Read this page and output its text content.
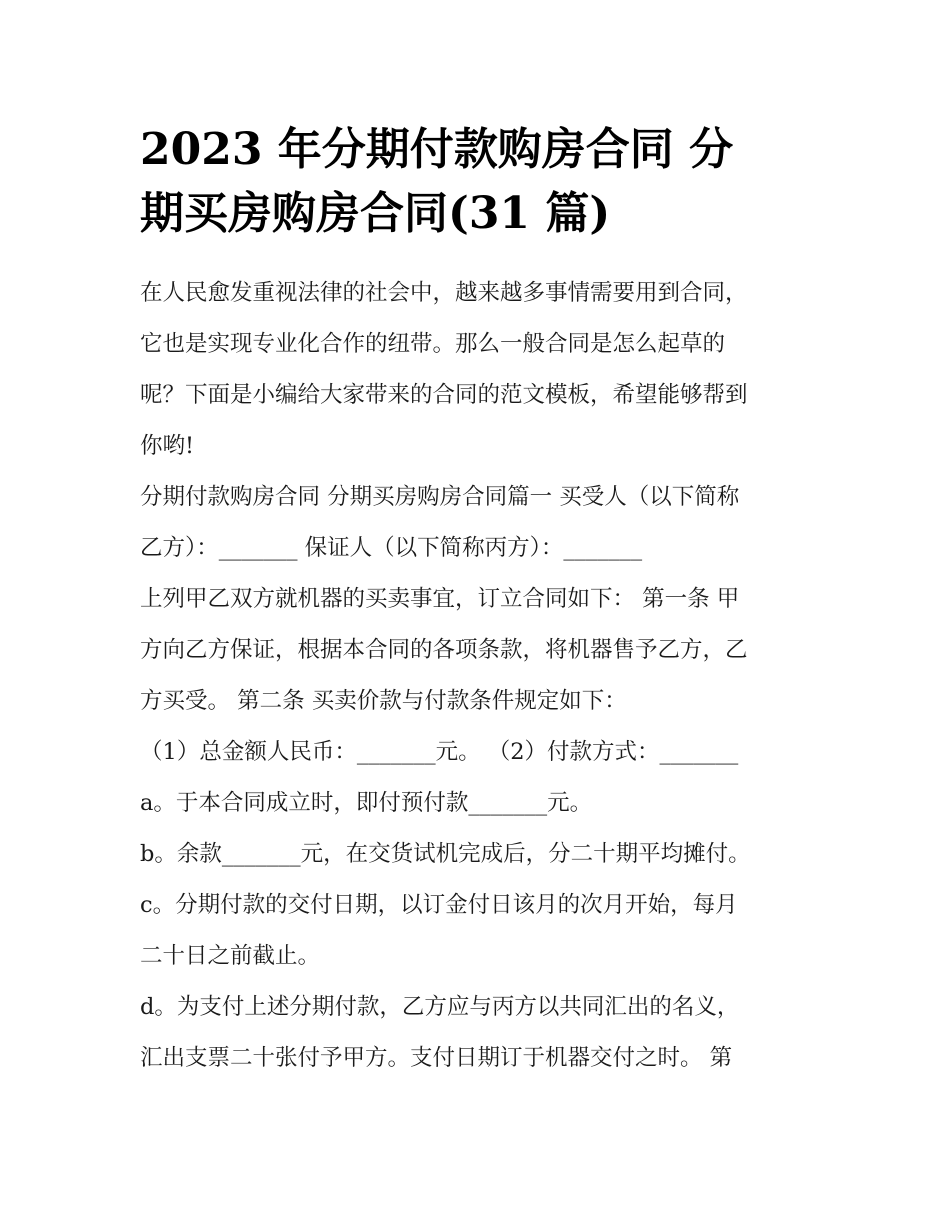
2023 年分期付款购房合同 分
期买房购房合同(31 篇)

在人民愈发重视法律的社会中，越来越多事情需要用到合同，

它也是实现专业化合作的纽带。那么一般合同是怎么起草的

呢？下面是小编给大家带来的合同的范文模板，希望能够帮到

你哟!

分期付款购房合同 分期买房购房合同篇一 买受人（以下简称

乙方）：_______ 保证人（以下简称丙方）：_______

上列甲乙双方就机器的买卖事宜，订立合同如下： 第一条 甲

方向乙方保证，根据本合同的各项条款，将机器售予乙方，乙

方买受。 第二条 买卖价款与付款条件规定如下：

（1）总金额人民币：_______元。 （2）付款方式：_______

a。于本合同成立时，即付预付款_______元。

b。余款_______元，在交货试机完成后，分二十期平均摊付。

c。分期付款的交付日期，以订金付日该月的次月开始，每月

二十日之前截止。

d。为支付上述分期付款，乙方应与丙方以共同汇出的名义，

汇出支票二十张付予甲方。支付日期订于机器交付之时。 第
